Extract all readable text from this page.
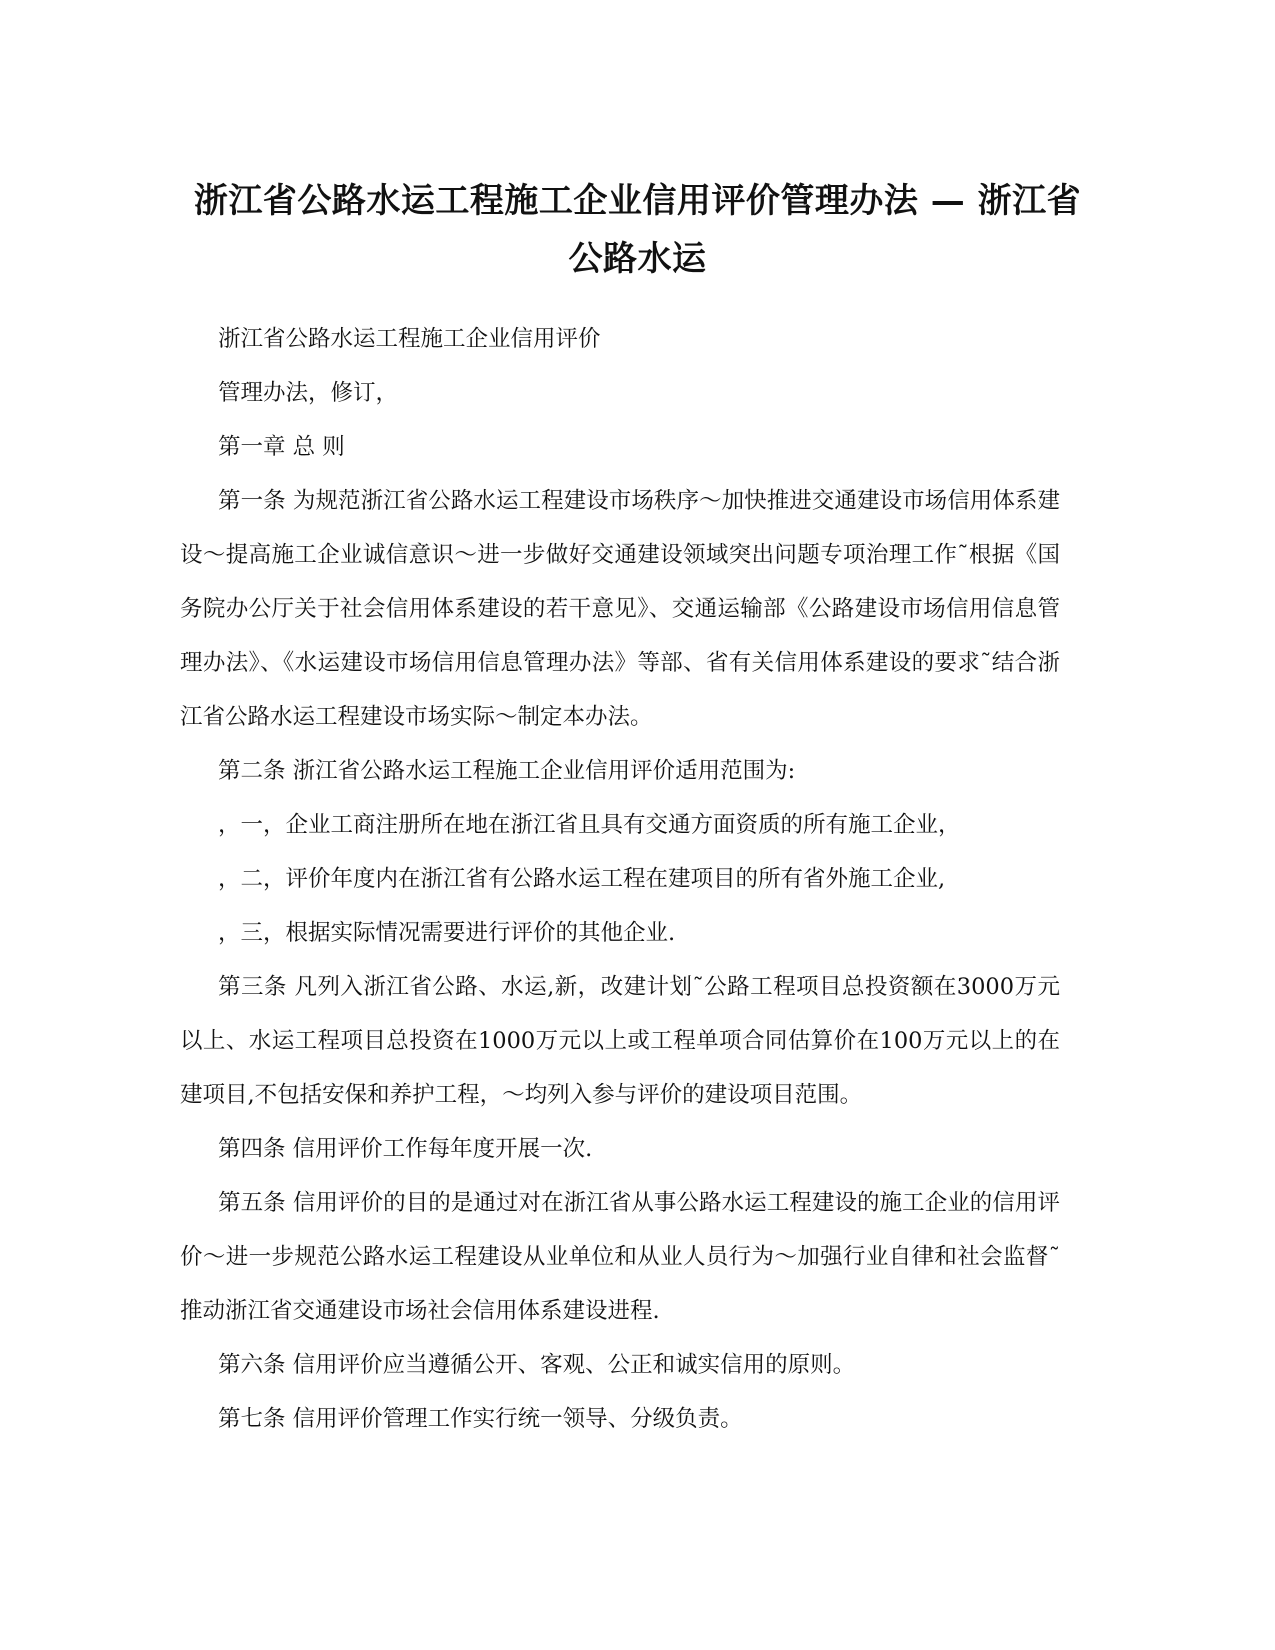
浙江省公路水运工程施工企业信用评价管理办法 — 浙江省公路水运

浙江省公路水运工程施工企业信用评价

管理办法，修订，

第一章 总 则

第一条 为规范浙江省公路水运工程建设市场秩序～加快推进交通建设市场信用体系建设～提高施工企业诚信意识～进一步做好交通建设领域突出问题专项治理工作˜根据《国务院办公厅关于社会信用体系建设的若干意见》、交通运输部《公路建设市场信用信息管理办法》、《水运建设市场信用信息管理办法》等部、省有关信用体系建设的要求˜结合浙江省公路水运工程建设市场实际～制定本办法。

第二条 浙江省公路水运工程施工企业信用评价适用范围为:

，一，企业工商注册所在地在浙江省且具有交通方面资质的所有施工企业，

，二，评价年度内在浙江省有公路水运工程在建项目的所有省外施工企业,

，三，根据实际情况需要进行评价的其他企业.

第三条 凡列入浙江省公路、水运,新，改建计划˜公路工程项目总投资额在3000万元以上、水运工程项目总投资在1000万元以上或工程单项合同估算价在100万元以上的在建项目,不包括安保和养护工程，～均列入参与评价的建设项目范围。

第四条 信用评价工作每年度开展一次.

第五条 信用评价的目的是通过对在浙江省从事公路水运工程建设的施工企业的信用评价～进一步规范公路水运工程建设从业单位和从业人员行为～加强行业自律和社会监督˜推动浙江省交通建设市场社会信用体系建设进程.

第六条 信用评价应当遵循公开、客观、公正和诚实信用的原则。

第七条 信用评价管理工作实行统一领导、分级负责。
